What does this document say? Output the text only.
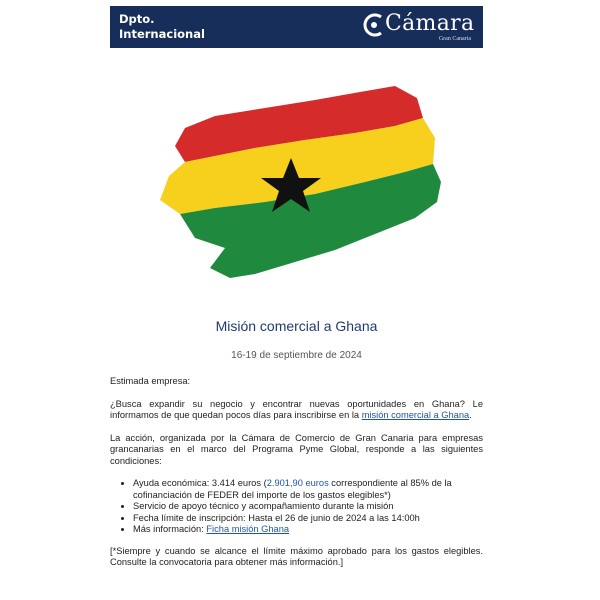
Dpto.
Internacional	Cámara
Gran Canaria
Misión comercial a Ghana
16-19 de septiembre de 2024

Estimada empresa:

¿Busca expandir su negocio y encontrar nuevas oportunidades en Ghana? Le informamos de que quedan pocos días para inscribirse en la misión comercial a Ghana.

La acción, organizada por la Cámara de Comercio de Gran Canaria para empresas grancanarias en el marco del Programa Pyme Global, responde a las siguientes condiciones:

• Ayuda económica: 3.414 euros (2.901,90 euros correspondiente al 85% de la cofinanciación de FEDER del importe de los gastos elegibles*)
• Servicio de apoyo técnico y acompañamiento durante la misión
• Fecha límite de inscripción: Hasta el 26 de junio de 2024 a las 14:00h
• Más información: Ficha misión Ghana

[*Siempre y cuando se alcance el límite máximo aprobado para los gastos elegibles. Consulte la convocatoria para obtener más información.]
